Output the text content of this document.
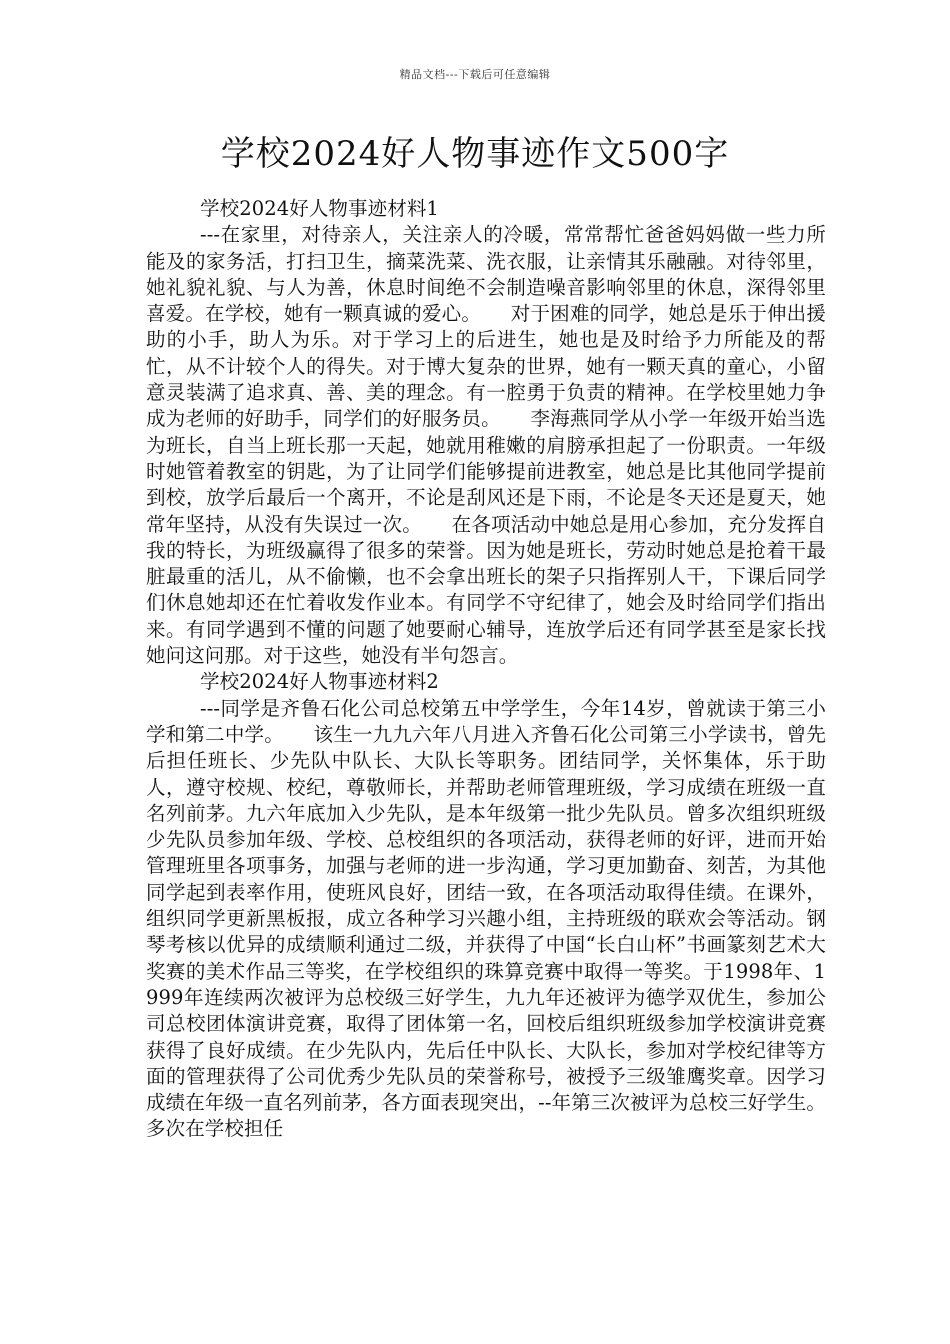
精品文档---下载后可任意编辑
学校2024好人物事迹作文500字
学校2024好人物事迹材料1

---在家里，对待亲人，关注亲人的冷暖，常常帮忙爸爸妈妈做一些力所能及的家务活，打扫卫生，摘菜洗菜、洗衣服，让亲情其乐融融。对待邻里，她礼貌礼貌、与人为善，休息时间绝不会制造噪音影响邻里的休息，深得邻里喜爱。在学校，她有一颗真诚的爱心。　　对于困难的同学，她总是乐于伸出援助的小手，助人为乐。对于学习上的后进生，她也是及时给予力所能及的帮忙，从不计较个人的得失。对于博大复杂的世界，她有一颗天真的童心，小留意灵装满了追求真、善、美的理念。有一腔勇于负责的精神。在学校里她力争成为老师的好助手，同学们的好服务员。　　李海燕同学从小学一年级开始当选为班长，自当上班长那一天起，她就用稚嫩的肩膀承担起了一份职责。一年级时她管着教室的钥匙，为了让同学们能够提前进教室，她总是比其他同学提前到校，放学后最后一个离开，不论是刮风还是下雨，不论是冬天还是夏天，她常年坚持，从没有失误过一次。　　在各项活动中她总是用心参加，充分发挥自我的特长，为班级赢得了很多的荣誉。因为她是班长，劳动时她总是抢着干最脏最重的活儿，从不偷懒，也不会拿出班长的架子只指挥别人干，下课后同学们休息她却还在忙着收发作业本。有同学不守纪律了，她会及时给同学们指出来。有同学遇到不懂的问题了她要耐心辅导，连放学后还有同学甚至是家长找她问这问那。对于这些，她没有半句怨言。

学校2024好人物事迹材料2

---同学是齐鲁石化公司总校第五中学学生，今年14岁，曾就读于第三小学和第二中学。　　该生一九九六年八月进入齐鲁石化公司第三小学读书，曾先后担任班长、少先队中队长、大队长等职务。团结同学，关怀集体，乐于助人，遵守校规、校纪，尊敬师长，并帮助老师管理班级，学习成绩在班级一直名列前茅。九六年底加入少先队，是本年级第一批少先队员。曾多次组织班级少先队员参加年级、学校、总校组织的各项活动，获得老师的好评，进而开始管理班里各项事务，加强与老师的进一步沟通，学习更加勤奋、刻苦，为其他同学起到表率作用，使班风良好，团结一致，在各项活动取得佳绩。在课外，组织同学更新黑板报，成立各种学习兴趣小组，主持班级的联欢会等活动。钢琴考核以优异的成绩顺利通过二级，并获得了中国“长白山杯”书画篆刻艺术大奖赛的美术作品三等奖，在学校组织的珠算竞赛中取得一等奖。于1998年、1999年连续两次被评为总校级三好学生，九九年还被评为德学双优生，参加公司总校团体演讲竞赛，取得了团体第一名，回校后组织班级参加学校演讲竞赛获得了良好成绩。在少先队内，先后任中队长、大队长，参加对学校纪律等方面的管理获得了公司优秀少先队员的荣誉称号，被授予三级雏鹰奖章。因学习成绩在年级一直名列前茅，各方面表现突出，--年第三次被评为总校三好学生。多次在学校担任
